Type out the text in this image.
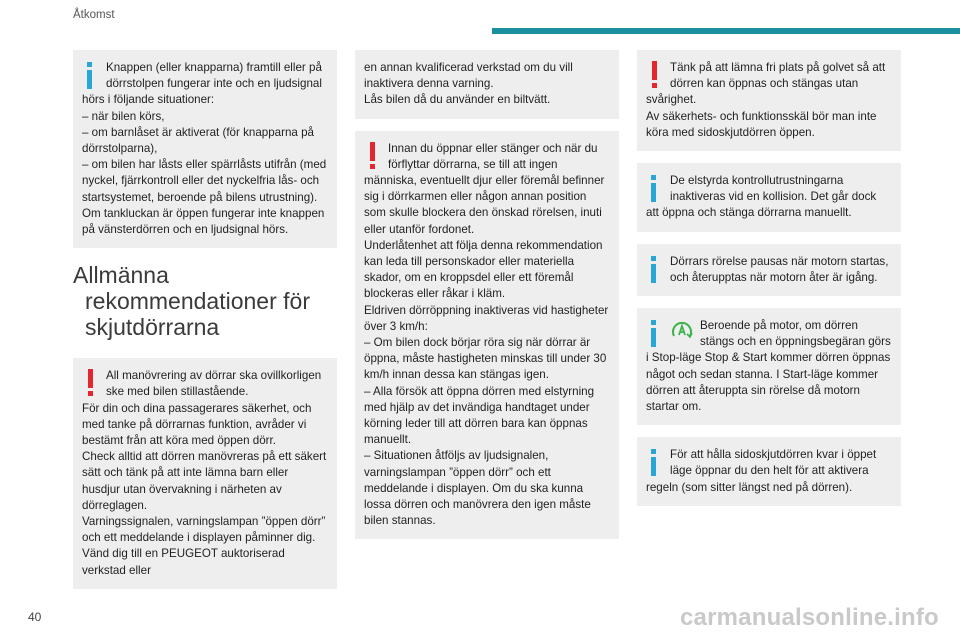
Åtkomst

Knappen (eller knapparna) framtill eller på dörrstolpen fungerar inte och en ljudsignal hörs i följande situationer:

– när bilen körs,

– om barnlåset är aktiverat (för knapparna på dörrstolparna),

– om bilen har låsts eller spärrlåsts utifrån (med nyckel, fjärrkontroll eller det nyckelfria lås- och startsystemet, beroende på bilens utrustning).

Om tankluckan är öppen fungerar inte knappen på vänsterdörren och en ljudsignal hörs.

Allmänna
rekommendationer för
skjutdörrarna

All manövrering av dörrar ska ovillkorligen ske med bilen stillastående.

För din och dina passagerares säkerhet, och med tanke på dörrarnas funktion, avråder vi bestämt från att köra med öppen dörr.

Check alltid att dörren manövreras på ett säkert sätt och tänk på att inte lämna barn eller husdjur utan övervakning i närheten av dörreglagen.

Varningssignalen, varningslampan ”öppen dörr” och ett meddelande i displayen påminner dig. Vänd dig till en PEUGEOT auktoriserad verkstad eller

en annan kvalificerad verkstad om du vill inaktivera denna varning.

Lås bilen då du använder en biltvätt.

Innan du öppnar eller stänger och när du förflyttar dörrarna, se till att ingen människa, eventuellt djur eller föremål befinner sig i dörrkarmen eller någon annan position som skulle blockera den önskad rörelsen, inuti eller utanför fordonet.

Underlåtenhet att följa denna rekommendation kan leda till personskador eller materiella skador, om en kroppsdel eller ett föremål blockeras eller råkar i kläm.

Eldriven dörröppning inaktiveras vid hastigheter över 3 km/h:

– Om bilen dock börjar röra sig när dörrar är öppna, måste hastigheten minskas till under 30 km/h innan dessa kan stängas igen.

– Alla försök att öppna dörren med elstyrning med hjälp av det invändiga handtaget under körning leder till att dörren bara kan öppnas manuellt.

– Situationen åtföljs av ljudsignalen, varningslampan ”öppen dörr” och ett meddelande i displayen. Om du ska kunna lossa dörren och manövrera den igen måste bilen stannas.

Tänk på att lämna fri plats på golvet så att dörren kan öppnas och stängas utan svårighet.

Av säkerhets- och funktionsskäl bör man inte köra med sidoskjutdörren öppen.

De elstyrda kontrollutrustningarna inaktiveras vid en kollision. Det går dock att öppna och stänga dörrarna manuellt.

Dörrars rörelse pausas när motorn startas, och återupptas när motorn åter är igång.

Beroende på motor, om dörren stängs och en öppningsbegäran görs i Stop-läge Stop & Start kommer dörren öppnas något och sedan stanna. I Start-läge kommer dörren att återuppta sin rörelse då motorn startar om.

För att hålla sidoskjutdörren kvar i öppet läge öppnar du den helt för att aktivera regeln (som sitter längst ned på dörren).

40	carmanualsonline.info
